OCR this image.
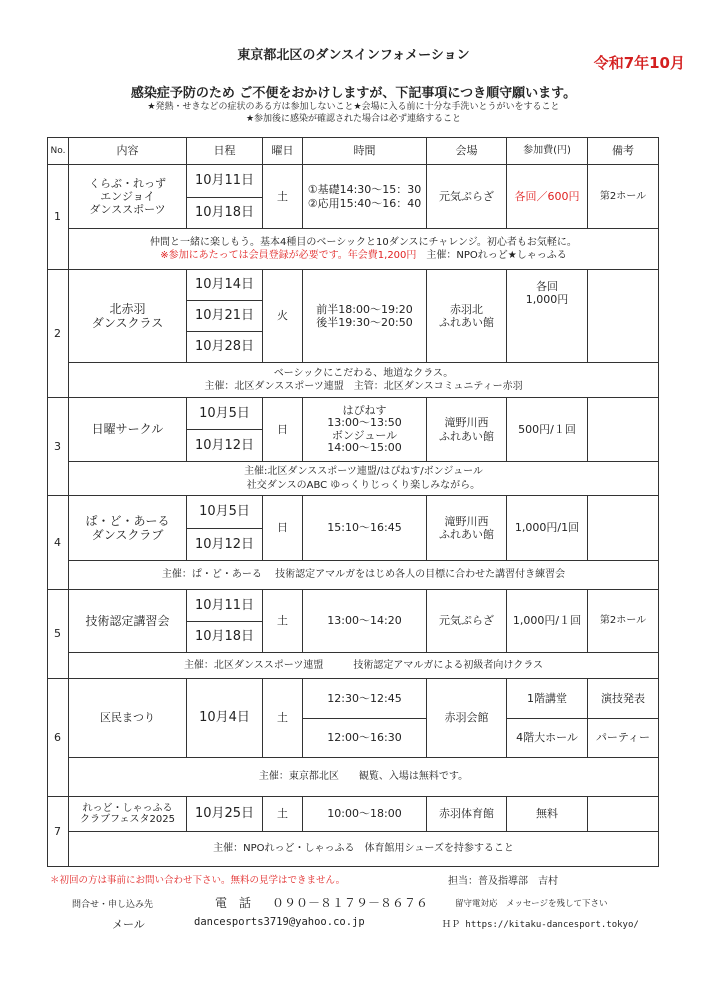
東京都北区のダンスインフォメーション	令和7年10月
感染症予防のため ご不便をおかけしますが、下記事項につき順守願います。
★発熱・せきなどの症状のある方は参加しないこと★会場に入る前に十分な手洗いとうがいをすること
★参加後に感染が確認された場合は必ず連絡すること
No.	内容	日程	曜日	時間	会場	参加費(円)	備考
1	くらぶ・れっず
エンジョイ
ダンススポーツ	10月11日	土	①基礎14:30～15：30
②応用15:40～16：40	元気ぷらざ	各回／600円	第2ホール
		10月18日					

	仲間と一緒に楽しもう。基本4種目のベーシックと10ダンスにチャレンジ。初心者もお気軽に。
※参加にあたっては会員登録が必要です。年会費1,200円　 主催：NPOれっど★しゃっふる						

2	北赤羽
ダンスクラス	10月14日	火	前半18:00～19:20
後半19:30～20:50	赤羽北
ふれあい館	各回
1,000円	
		10月21日					
		10月28日					
	ベーシックにこだわる、地道なクラス。
主催：北区ダンススポーツ連盟　主管：北区ダンスコミュニティー赤羽						
3	日曜サークル	10月5日	日	はぴねす
13:00～13:50
ボンジュール
14:00～15:00	滝野川西
ふれあい館	500円/１回	
		10月12日					
	主催:北区ダンススポーツ連盟/はぴねす/ボンジュール
社交ダンスのABC ゆっくりじっくり楽しみながら。						
4	ぱ・ど・あーる
ダンスクラブ	10月5日	日	15:10～16:45	滝野川西
ふれあい館	1,000円/1回	
		10月12日					
	主催：ぱ・ど・あーる　 技術認定アマルガをはじめ各人の目標に合わせた講習付き練習会						
5	技術認定講習会	10月11日	土	13:00～14:20	元気ぷらざ	1,000円/１回	第2ホール
		10月18日					
	主催：北区ダンススポーツ連盟　　　技術認定アマルガによる初級者向けクラス						
6	区民まつり	10月4日	土	12:30～12:45	赤羽会館	1階講堂	演技発表
				12:00～16:30		4階大ホール	パーティー
	主催：東京都北区　　観覧、入場は無料です。						
7	れっど・しゃっふる
クラブフェスタ2025	10月25日	土	10:00～18:00	赤羽体育館	無料	
	主催：NPOれっど・しゃっふる　体育館用シューズを持参すること						
＊初回の方は事前にお問い合わせ下さい。無料の見学はできません。	担当：普及指導部　吉村
問合せ・申し込み先	電　話 ０９０－８１７９－８６７６	留守電対応　メッセージを残して下さい
メール	dancesports3719@yahoo.co.jp	ＨＰ https://kitaku-dancesport.tokyo/
